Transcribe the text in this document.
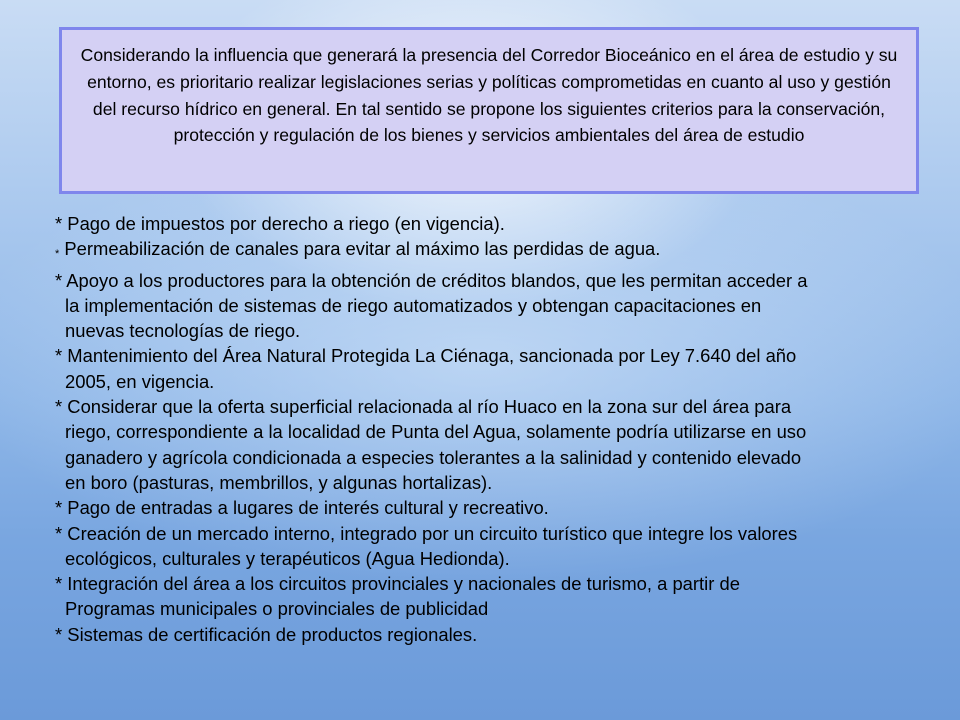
Considerando la influencia que generará la presencia del Corredor Bioceánico en el área de estudio y su entorno, es prioritario realizar legislaciones serias y políticas comprometidas en cuanto al uso y gestión del recurso hídrico en general. En tal sentido se propone los siguientes criterios para la conservación, protección y regulación de los bienes y servicios ambientales del área de estudio
* Pago de impuestos por derecho a riego (en vigencia).
* Permeabilización de canales para evitar al máximo las perdidas de agua.
* Apoyo a los productores para la obtención de créditos blandos, que les permitan acceder a
la implementación de sistemas de riego automatizados y obtengan capacitaciones en
nuevas tecnologías de riego.
* Mantenimiento del Área Natural Protegida La Ciénaga, sancionada por Ley 7.640 del año
2005, en vigencia.
* Considerar que la oferta superficial relacionada al río Huaco en la zona sur del área para
riego, correspondiente a la localidad de Punta del Agua, solamente podría utilizarse en uso
ganadero y agrícola condicionada a especies tolerantes a la salinidad y contenido elevado
en boro (pasturas, membrillos, y algunas hortalizas).
* Pago de entradas a lugares de interés cultural y recreativo.
* Creación de un mercado interno, integrado por un circuito turístico que integre los valores
ecológicos, culturales y terapéuticos (Agua Hedionda).
* Integración del área a los circuitos provinciales y nacionales de turismo, a partir de
Programas municipales o provinciales de publicidad
* Sistemas de certificación de productos regionales.
